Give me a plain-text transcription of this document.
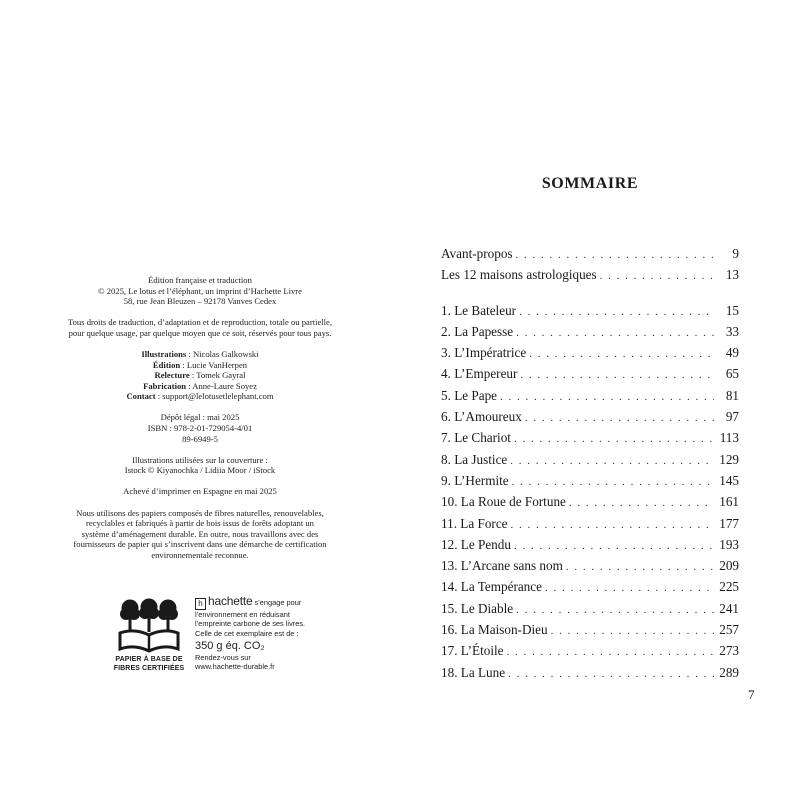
Édition française et traduction
© 2025, Le lotus et l’éléphant, un imprint d’Hachette Livre
58, rue Jean Bleuzen – 92178 Vanves Cedex
Tous droits de traduction, d’adaptation et de reproduction, totale ou partielle,
pour quelque usage, par quelque moyen que ce soit, réservés pour tous pays.
Illustrations : Nicolas Galkowski
Édition : Lucie VanHerpen
Relecture : Tomek Gayral
Fabrication : Anne-Laure Soyez
Contact : support@lelotusetlelephant.com
Dépôt légal : mai 2025
ISBN : 978-2-01-729054-4/01
89-6949-5
Illustrations utilisées sur la couverture :
Istock © Kiyanochka / Lidiia Moor / iStock
Achevé d’imprimer en Espagne en mai 2025
Nous utilisons des papiers composés de fibres naturelles, renouvelables,
recyclables et fabriqués à partir de bois issus de forêts adoptant un
système d’aménagement durable. En outre, nous travaillons avec des
fournisseurs de papier qui s’inscrivent dans une démarche de certification
environnementale reconnue.
PAPIER À BASE DE
FIBRES CERTIFIÉES
h hachette s’engage pour
l’environnement en réduisant
l’empreinte carbone de ses livres.
Celle de cet exemplaire est de :
350 g éq. CO₂
Rendez-vous sur
www.hachette-durable.fr
SOMMAIRE
Avant-propos . . .	9
Les 12 maisons astrologiques . . .	13
1. Le Bateleur . . .	15
2. La Papesse . . .	33
3. L’Impératrice . . .	49
4. L’Empereur . . .	65
5. Le Pape . . .	81
6. L’Amoureux . . .	97
7. Le Chariot . . .	113
8. La Justice . . .	129
9. L’Hermite . . .	145
10. La Roue de Fortune . . .	161
11. La Force . . .	177
12. Le Pendu . . .	193
13. L’Arcane sans nom . . .	209
14. La Tempérance . . .	225
15. Le Diable . . .	241
16. La Maison-Dieu . . .	257
17. L’Étoile . . .	273
18. La Lune . . .	289
7
